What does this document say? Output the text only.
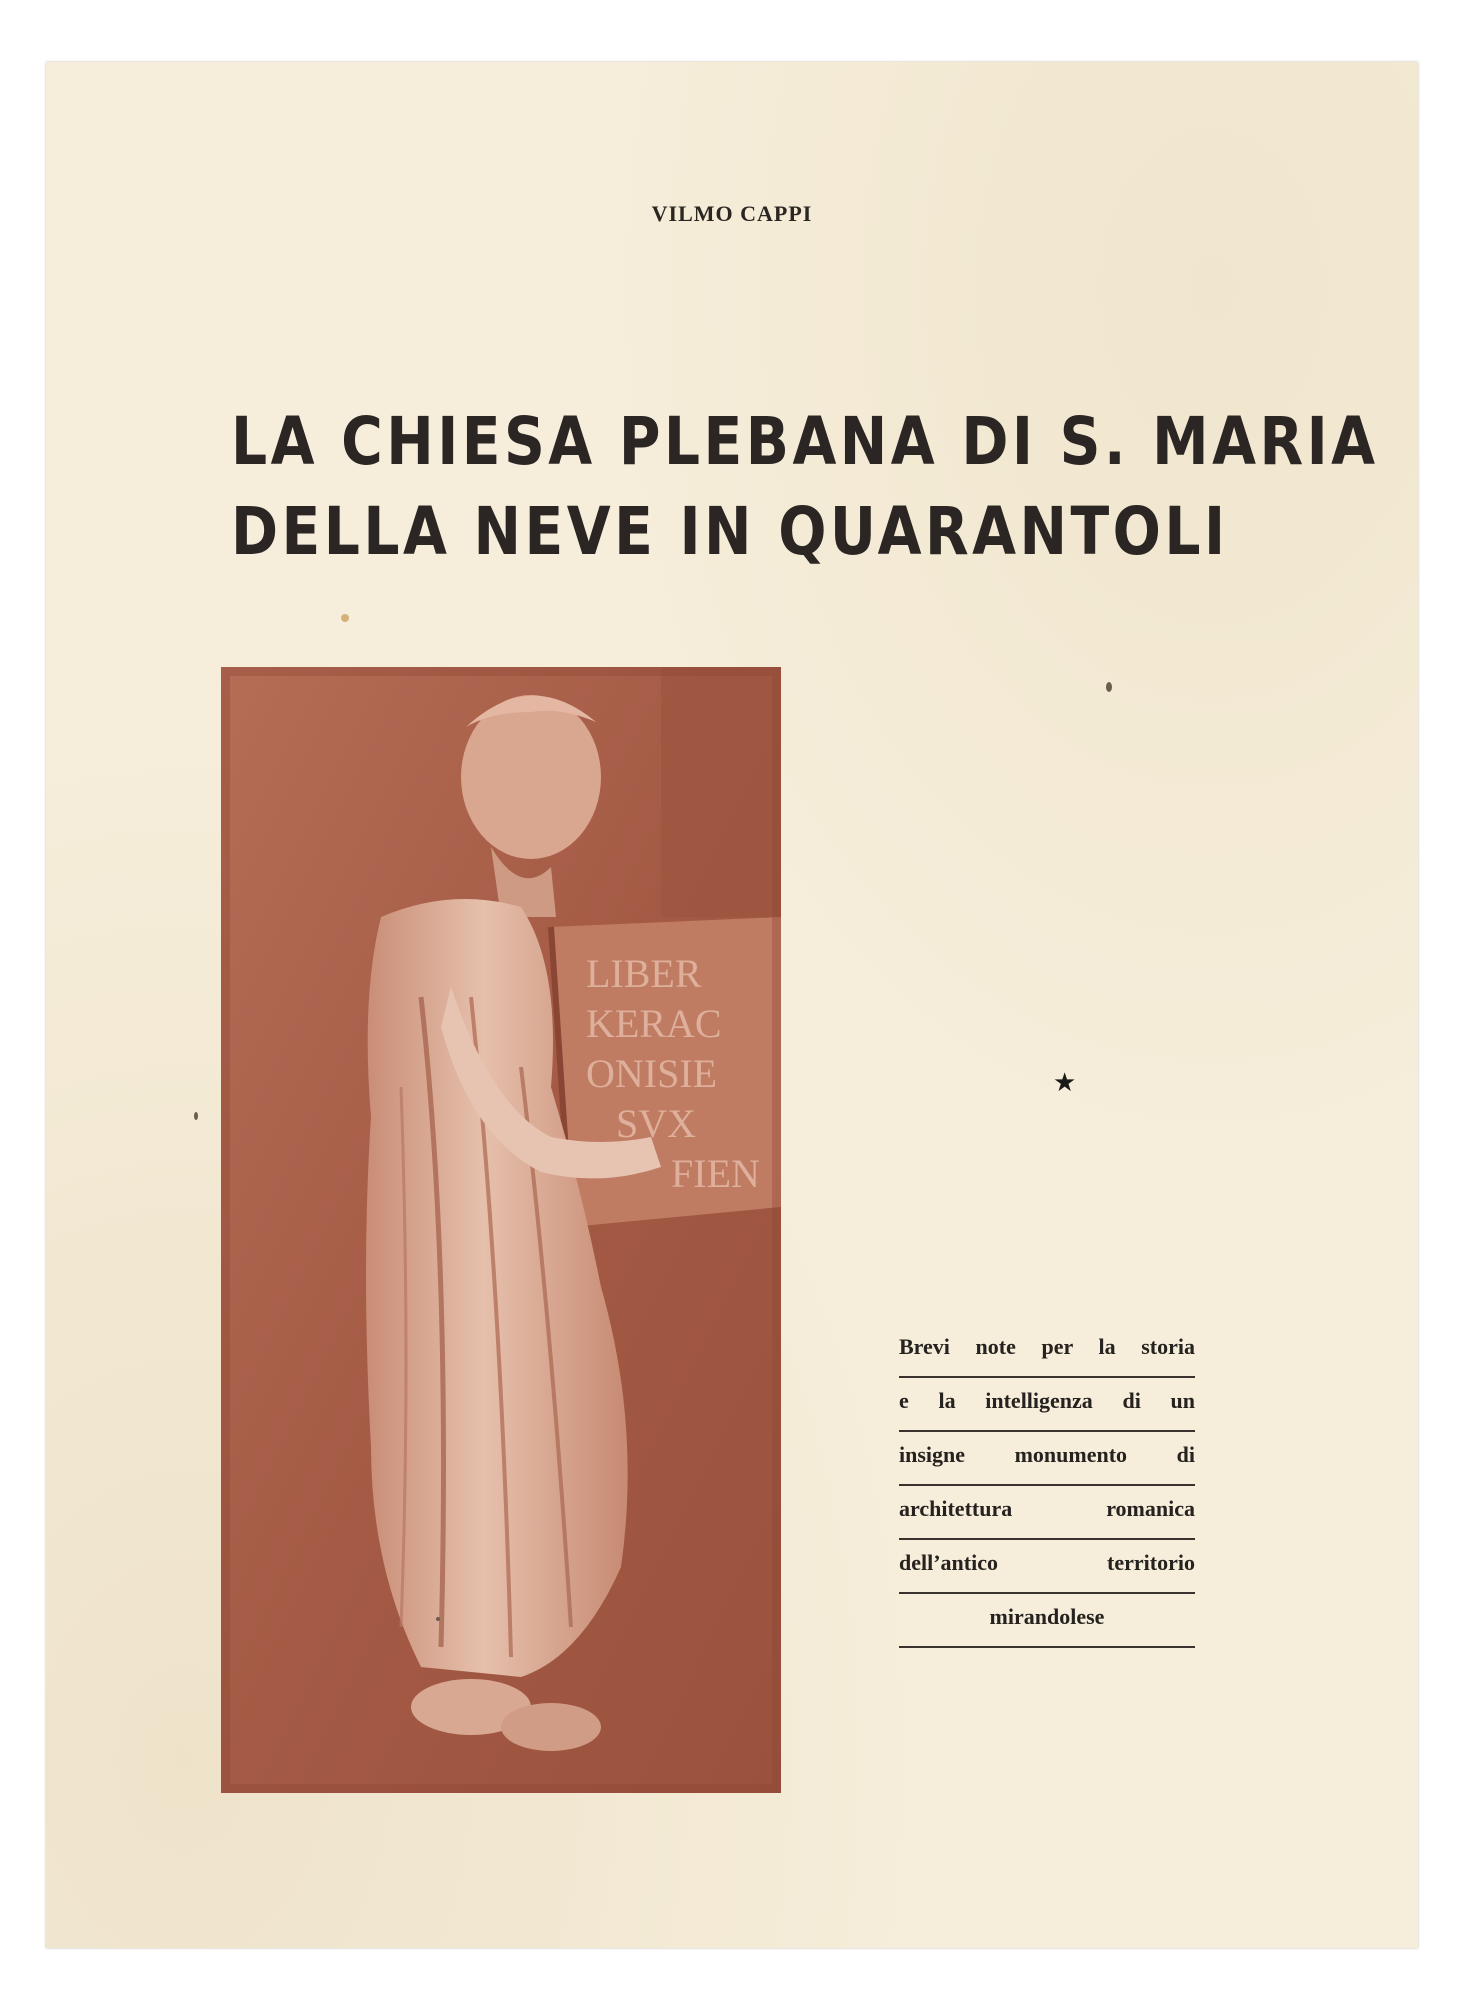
VILMO CAPPI
LA CHIESA PLEBANA DI S. MARIA
DELLA NEVE IN QUARANTOLI
LIBER
KERAC
ONISIE
SVX
FIEN
★
Brevi note per la storia
e la intelligenza di un
insigne monumento di
architettura romanica
dell’antico territorio
mirandolese
